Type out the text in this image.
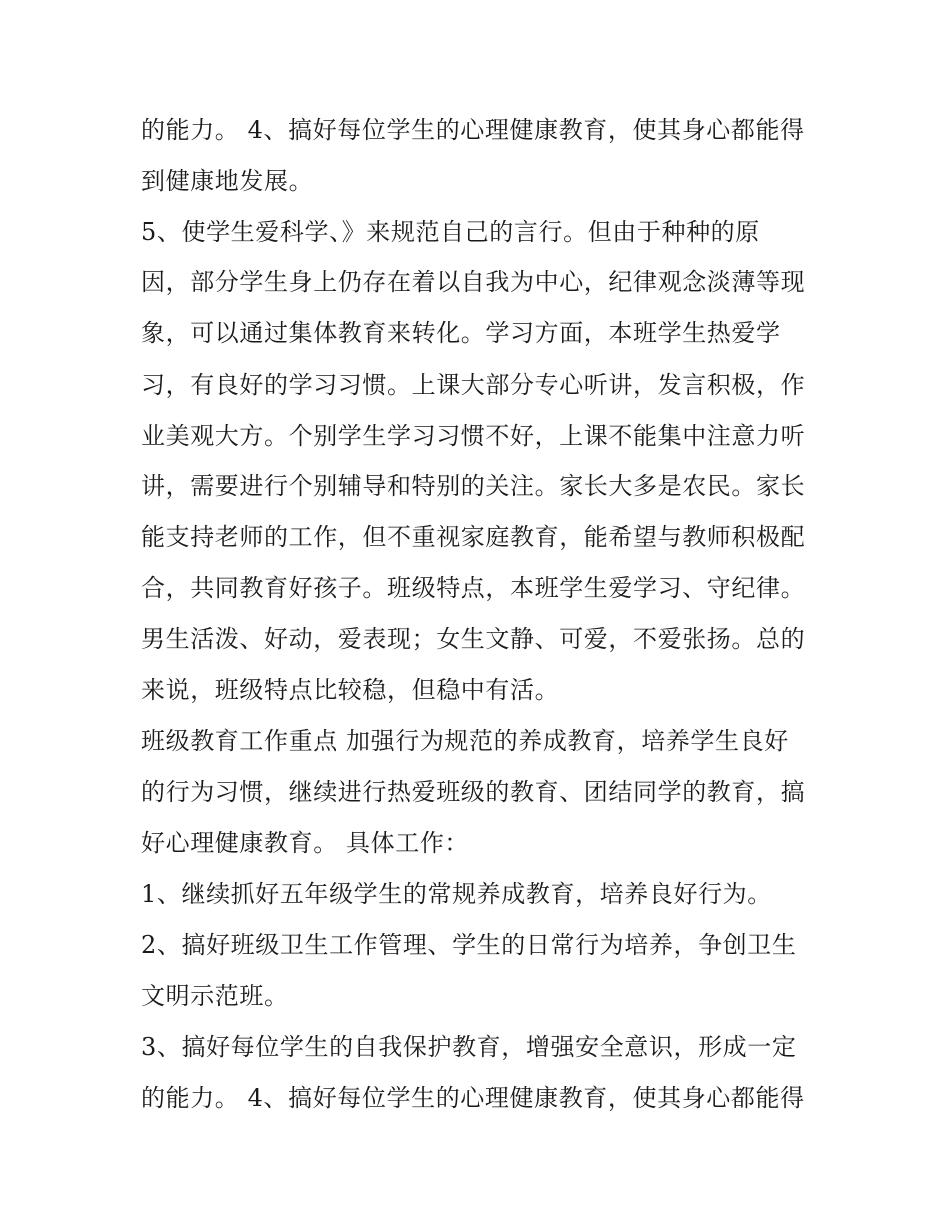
的能力。 4、搞好每位学生的心理健康教育，使其身心都能得
到健康地发展。
5、使学生爱科学、》来规范自己的言行。但由于种种的原
因，部分学生身上仍存在着以自我为中心，纪律观念淡薄等现
象，可以通过集体教育来转化。学习方面，本班学生热爱学
习，有良好的学习习惯。上课大部分专心听讲，发言积极，作
业美观大方。个别学生学习习惯不好，上课不能集中注意力听
讲，需要进行个别辅导和特别的关注。家长大多是农民。家长
能支持老师的工作，但不重视家庭教育，能希望与教师积极配
合，共同教育好孩子。班级特点，本班学生爱学习、守纪律。
男生活泼、好动，爱表现；女生文静、可爱，不爱张扬。总的
来说，班级特点比较稳，但稳中有活。
班级教育工作重点 加强行为规范的养成教育，培养学生良好
的行为习惯，继续进行热爱班级的教育、团结同学的教育，搞
好心理健康教育。 具体工作：
1、继续抓好五年级学生的常规养成教育，培养良好行为。
2、搞好班级卫生工作管理、学生的日常行为培养，争创卫生
文明示范班。
3、搞好每位学生的自我保护教育，增强安全意识，形成一定
的能力。 4、搞好每位学生的心理健康教育，使其身心都能得
